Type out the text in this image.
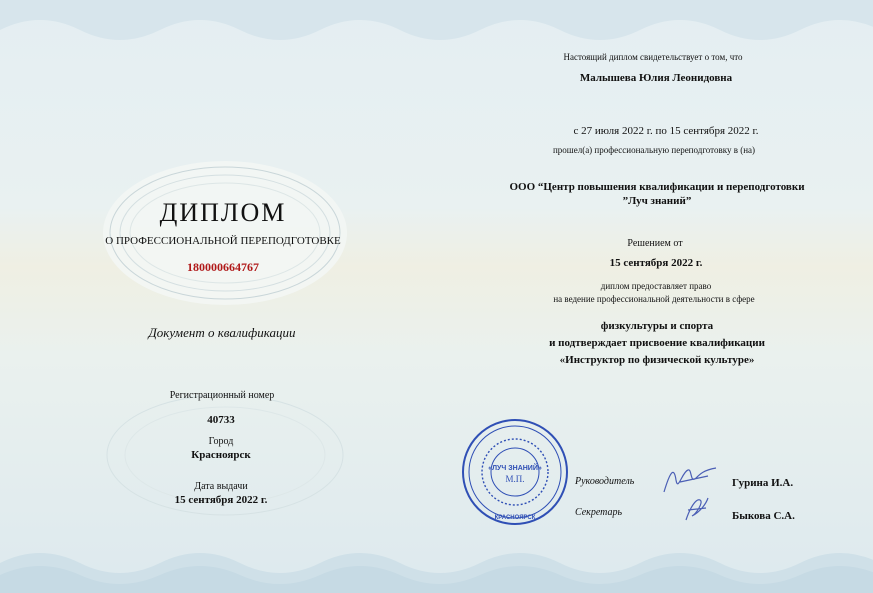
ДИПЛОМ
О ПРОФЕССИОНАЛЬНОЙ ПЕРЕПОДГОТОВКЕ
180000664767
Документ о квалификации
Регистрационный номер
40733
Город
Красноярск
Дата выдачи
15 сентября 2022 г.
Настоящий диплом свидетельствует о том, что
Малышева Юлия Леонидовна
с 27 июля 2022 г. по 15 сентября 2022 г.
прошел(а) профессиональную переподготовку в (на)
ООО “Центр повышения квалификации и переподготовки
”Луч знаний”
Решением от
15 сентября 2022 г.
диплом предоставляет право
на ведение профессиональной деятельности в сфере
физкультуры и спорта
и подтверждает присвоение квалификации
«Инструктор по физической культуре»
Руководитель	Гурина И.А.
Секретарь	Быкова С.А.
«ЛУЧ ЗНАНИЙ»
М.П.
КРАСНОЯРСК
